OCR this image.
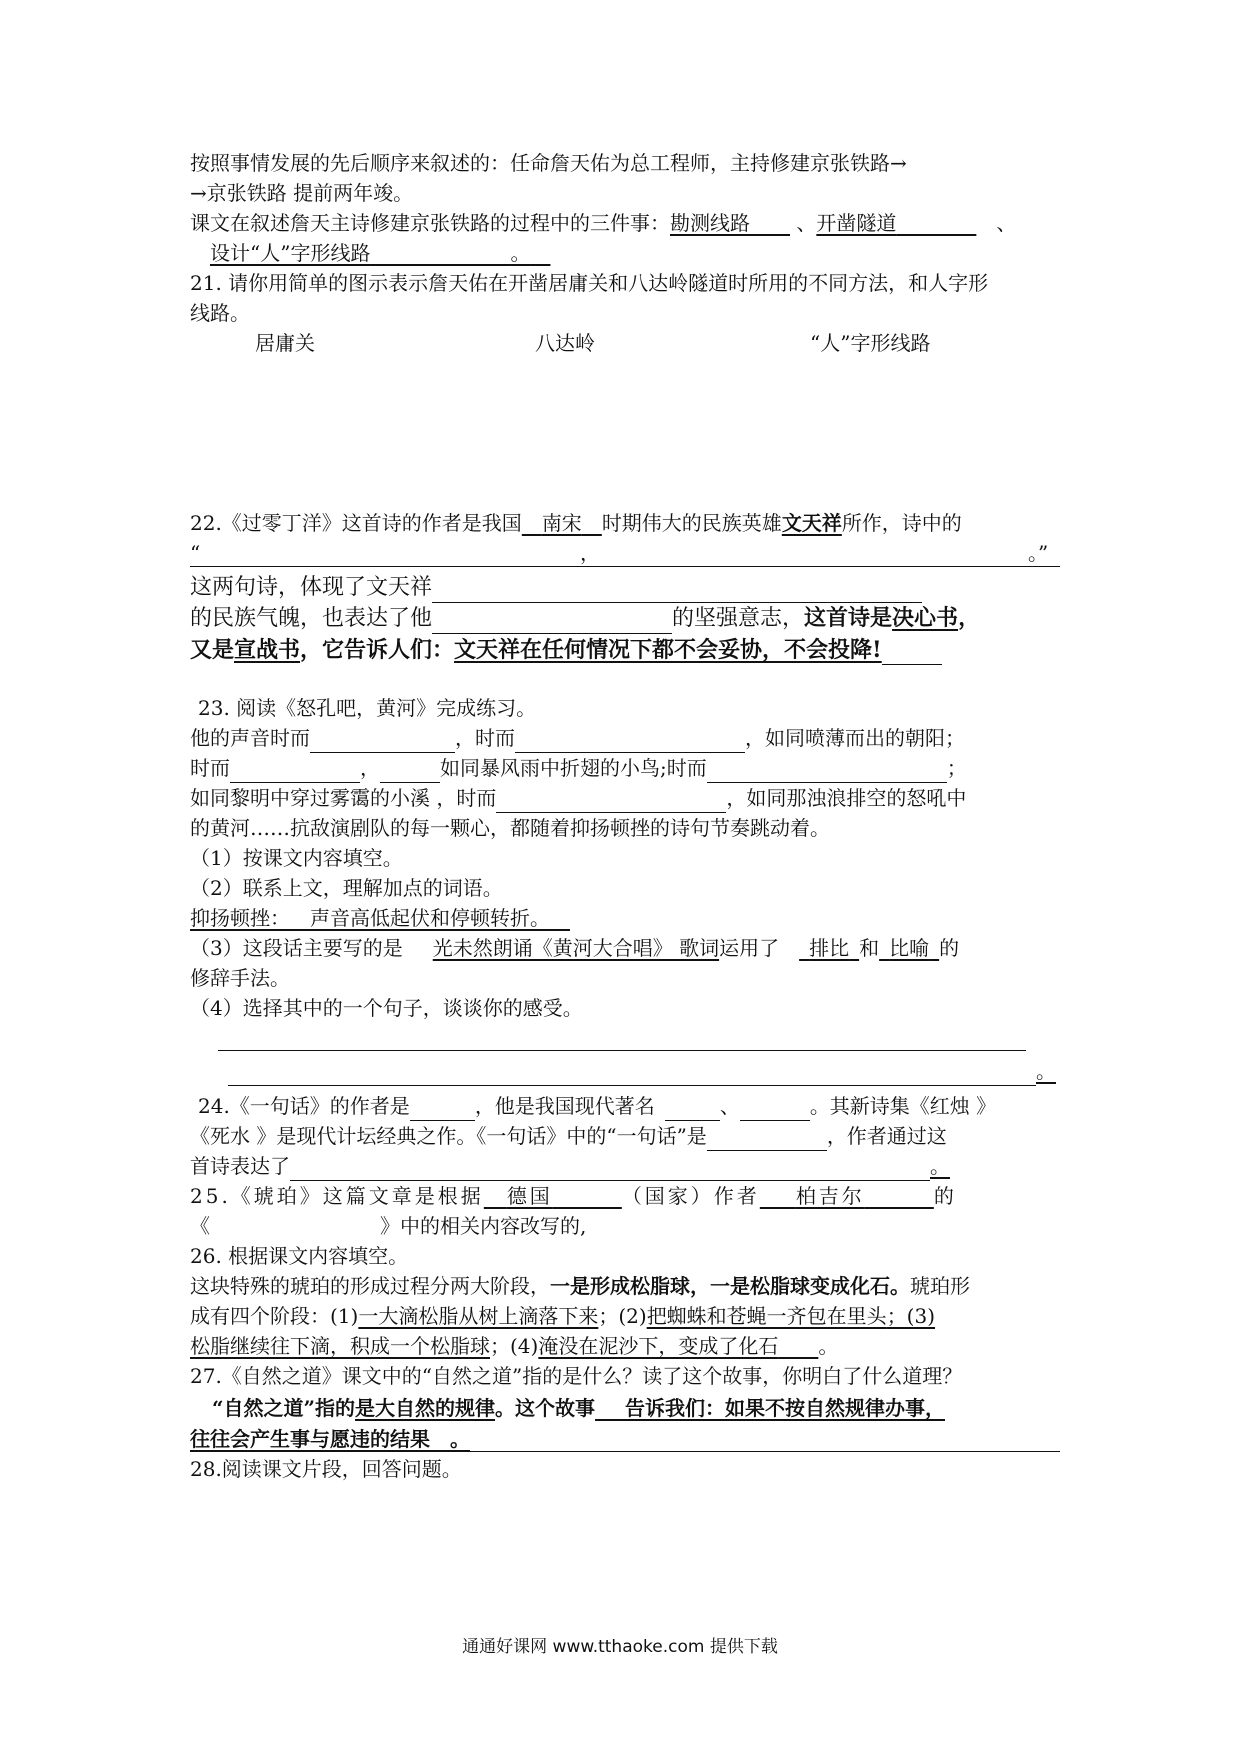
按照事情发展的先后顺序来叙述的：任命詹天佑为总工程师，主持修建京张铁路→
→京张铁路 提前两年竣。
课文在叙述詹天主诗修建京张铁路的过程中的三件事：勘测线路   、开凿隧道     	、
设计“人”字形线路       	。 
21. 请你用简单的图示表示詹天佑在开凿居庸关和八达岭隧道时所用的不同方法，和人字形
线路。
居庸关	八达岭	“人”字形线路
22.《过零丁洋》这首诗的作者是我国  南宋  时期伟大的民族英雄文天祥所作，诗中的
“	，	。”
这两句诗，体现了文天祥
的民族气魄，也表达了他	的坚强意志，这首诗是决心书，
又是宣战书，它告诉人们：文天祥在任何情况下都不会妥协，不会投降!
23. 阅读《怒孔吧，黄河》完成练习。
他的声音时而	，时而	，如同喷薄而出的朝阳；
时而	，	如同暴风雨中折翅的小鸟;时而	；
如同黎明中穿过雾霭的小溪 ，时而	，如同那浊浪排空的怒吼中
的黄河……抗敌演剧队的每一颗心，都随着抑扬顿挫的诗句节奏跳动着。
（1）按课文内容填空。
（2）联系上文，理解加点的词语。
抑扬顿挫：  声音高低起伏和停顿转折。 
（3）这段话主要写的是   光未然朗诵《黄河大合唱》 歌词运用了   排比  和  比喻  的
修辞手法。
（4）选择其中的一个句子，谈谈你的感受。
。
24.《一句话》的作者是	，他是我国现代著名 	、	。其新诗集《红烛 》
《死水 》是现代计坛经典之作。《一句话》中的“一句话”是	，作者通过这
首诗表达了	。
25.《琥珀》这篇文章是根据  德国   	（国家）作者   柏吉尔   	的
《	》中的相关内容改写的,
26. 根据课文内容填空。
这块特殊的琥珀的形成过程分两大阶段，一是形成松脂球，一是松脂球变成化石。琥珀形
成有四个阶段：(1)一大滴松脂从树上滴落下来；(2)把蜘蛛和苍蝇一齐包在里头；(3)
松脂继续往下滴，积成一个松脂球；(4)淹没在泥沙下，变成了化石   。
27.《自然之道》课文中的“自然之道”指的是什么？读了这个故事，你明白了什么道理？
“自然之道”指的是大自然的规律。这个故事   告诉我们：如果不按自然规律办事，
往往会产生事与愿违的结果  。
28.阅读课文片段，回答问题。
通通好课网 www.tthaoke.com 提供下载
